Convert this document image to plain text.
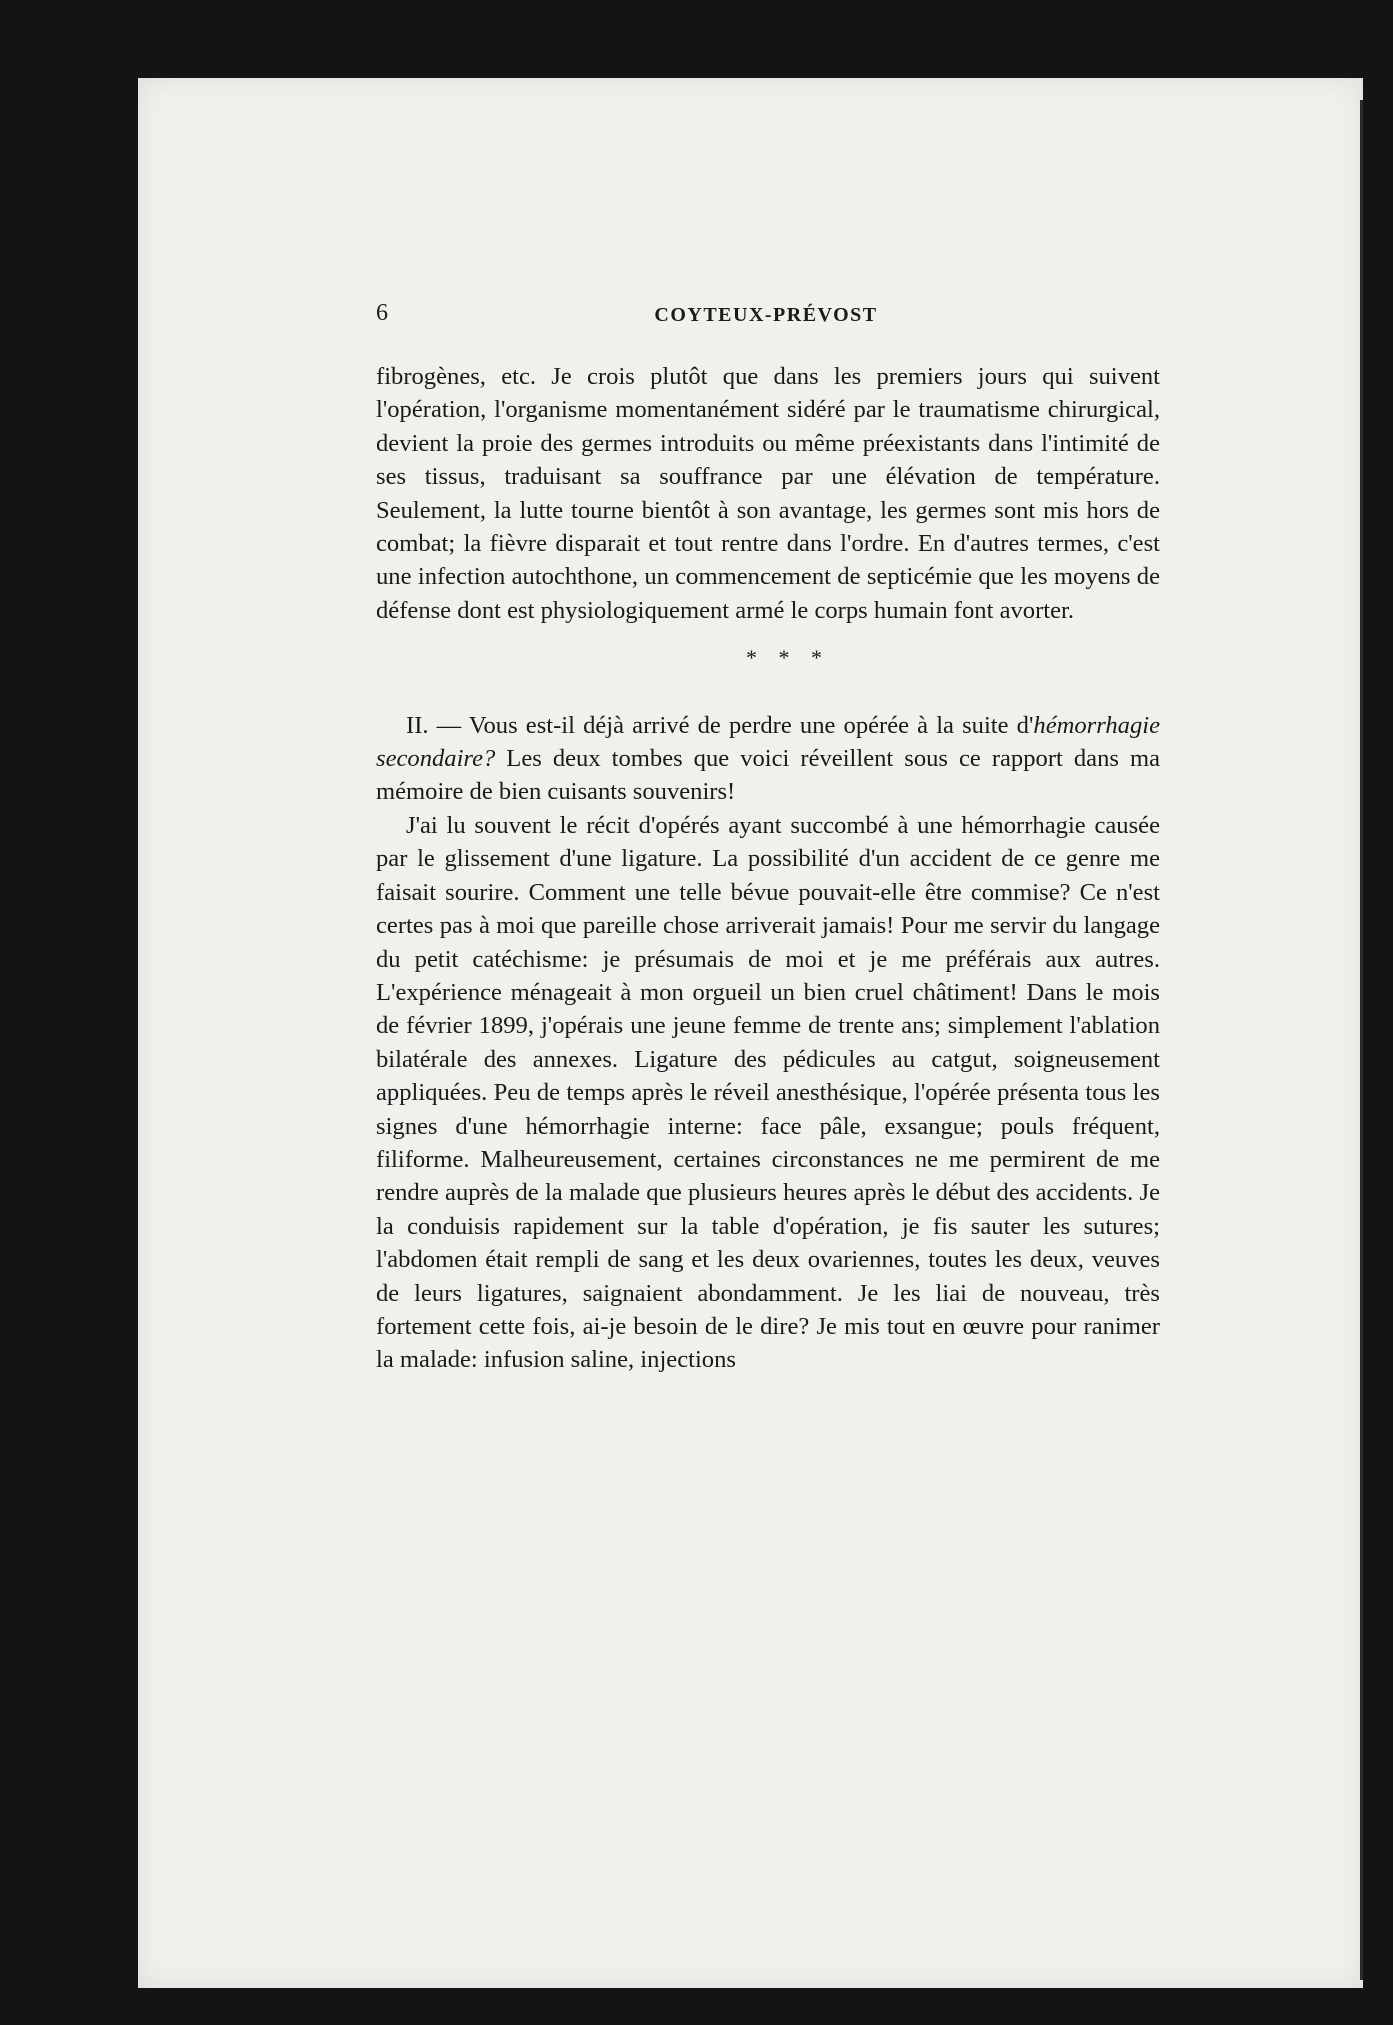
6	COYTEUX-PRÉVOST

fibrogènes, etc. Je crois plutôt que dans les premiers jours qui suivent l'opération, l'organisme momentanément sidéré par le traumatisme chirurgical, devient la proie des germes introduits ou même préexistants dans l'intimité de ses tissus, traduisant sa souffrance par une élévation de température. Seulement, la lutte tourne bientôt à son avantage, les germes sont mis hors de combat; la fièvre disparait et tout rentre dans l'ordre. En d'autres termes, c'est une infection autochthone, un commencement de septicémie que les moyens de défense dont est physiologiquement armé le corps humain font avorter.

* * *

II. — Vous est-il déjà arrivé de perdre une opérée à la suite d'hémorrhagie secondaire? Les deux tombes que voici réveillent sous ce rapport dans ma mémoire de bien cuisants souvenirs!

J'ai lu souvent le récit d'opérés ayant succombé à une hémorrhagie causée par le glissement d'une ligature. La possibilité d'un accident de ce genre me faisait sourire. Comment une telle bévue pouvait-elle être commise? Ce n'est certes pas à moi que pareille chose arriverait jamais! Pour me servir du langage du petit catéchisme: je présumais de moi et je me préférais aux autres. L'expérience ménageait à mon orgueil un bien cruel châtiment! Dans le mois de février 1899, j'opérais une jeune femme de trente ans; simplement l'ablation bilatérale des annexes. Ligature des pédicules au catgut, soigneusement appliquées. Peu de temps après le réveil anesthésique, l'opérée présenta tous les signes d'une hémorrhagie interne: face pâle, exsangue; pouls fréquent, filiforme. Malheureusement, certaines circonstances ne me permirent de me rendre auprès de la malade que plusieurs heures après le début des accidents. Je la conduisis rapidement sur la table d'opération, je fis sauter les sutures; l'abdomen était rempli de sang et les deux ovariennes, toutes les deux, veuves de leurs ligatures, saignaient abondamment. Je les liai de nouveau, très fortement cette fois, ai-je besoin de le dire? Je mis tout en œuvre pour ranimer la malade: infusion saline, injections
